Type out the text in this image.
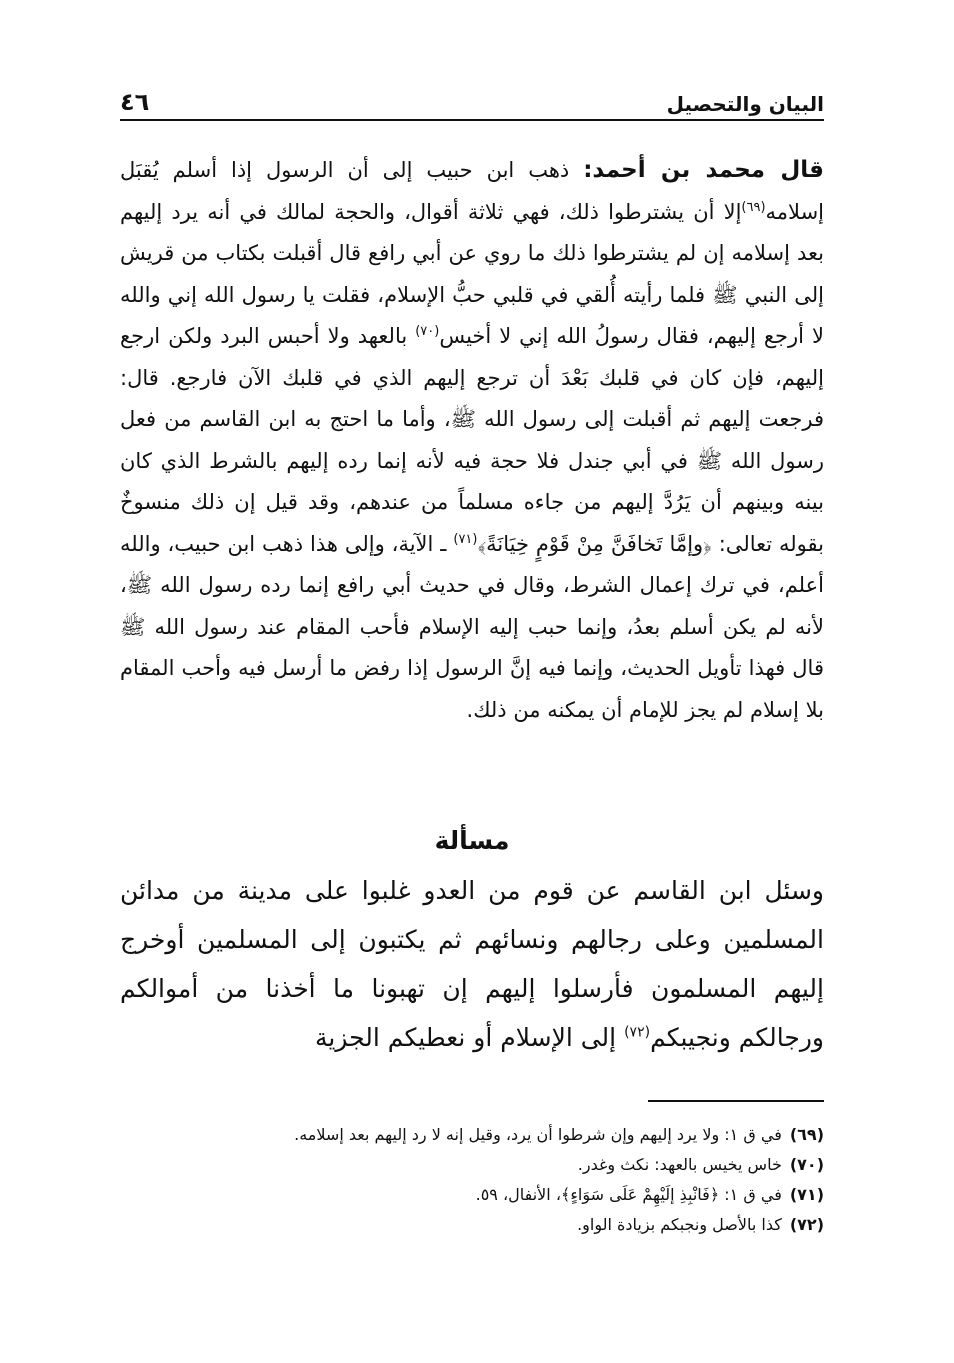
٤٦	البيان والتحصيل
قال محمد بن أحمد: ذهب ابن حبيب إلى أن الرسول إذا أسلم يُقبَل إسلامه$^{(٦٩)}$إلا أن يشترطوا ذلك، فهي ثلاثة أقوال، والحجة لمالك في أنه يرد إليهم بعد إسلامه إن لم يشترطوا ذلك ما روي عن أبي رافع قال أقبلت بكتاب من قريش إلى النبي ﷺ فلما رأيته أُلقي في قلبي حبُّ الإسلام، فقلت يا رسول الله إني والله لا أرجع إليهم، فقال رسولُ الله إني لا أخيس$^{(٧٠)}$ بالعهد ولا أحبس البرد ولكن ارجع إليهم، فإن كان في قلبك بَعْدَ أن ترجع إليهم الذي في قلبك الآن فارجع. قال: فرجعت إليهم ثم أقبلت إلى رسول الله ﷺ، وأما ما احتج به ابن القاسم من فعل رسول الله ﷺ في أبي جندل فلا حجة فيه لأنه إنما رده إليهم بالشرط الذي كان بينه وبينهم أن يَرُدَّ إليهم من جاءه مسلماً من عندهم، وقد قيل إن ذلك منسوخٌ بقوله تعالى: ﴿وإمَّا تَخافَنَّ مِنْ قَوْمٍ خِيَانَةً﴾$^{(٧١)}$ ـ الآية، وإلى هذا ذهب ابن حبيب، والله أعلم، في ترك إعمال الشرط، وقال في حديث أبي رافع إنما رده رسول الله ﷺ، لأنه لم يكن أسلم بعدُ، وإنما حبب إليه الإسلام فأحب المقام عند رسول الله ﷺ قال فهذا تأويل الحديث، وإنما فيه إنَّ الرسول إذا رفض ما أرسل فيه وأحب المقام بلا إسلام لم يجز للإمام أن يمكنه من ذلك.
مسألة
وسئل ابن القاسم عن قوم من العدو غلبوا على مدينة من مدائن المسلمين وعلى رجالهم ونسائهم ثم يكتبون إلى المسلمين أوخرج إليهم المسلمون فأرسلوا إليهم إن تهبونا ما أخذنا من أموالكم ورجالكم ونجيبكم$^{(٧٢)}$ إلى الإسلام أو نعطيكم الجزية
(٦٩)في ق ١: ولا يرد إليهم وإن شرطوا أن يرد، وقيل إنه لا رد إليهم بعد إسلامه.
(٧٠)خاس يخيس بالعهد: نكث وغدر.
(٧١)في ق ١: ﴿فَانْبِذِ إلَيْهِمْ عَلَى سَوَاءٍ﴾، الأنفال، ٥٩.
(٧٢)كذا بالأصل ونجبكم بزيادة الواو.
